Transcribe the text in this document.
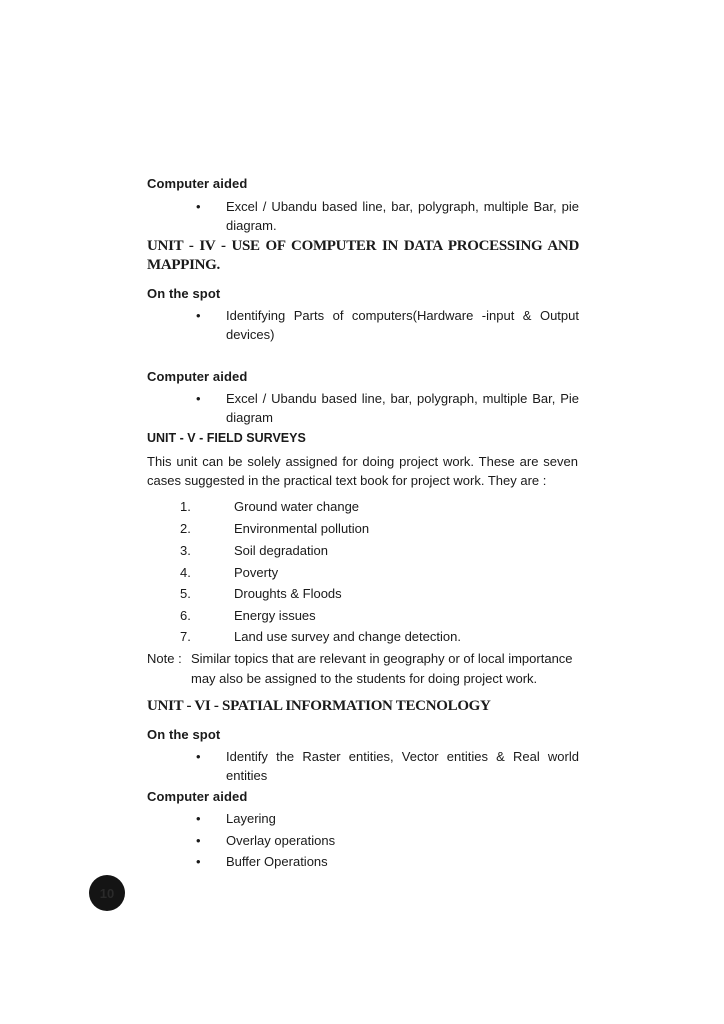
Computer aided
• Excel / Ubandu based line, bar, polygraph, multiple Bar, pie diagram.
UNIT - IV - USE OF COMPUTER IN DATA PROCESSING AND MAPPING.
On the spot
• Identifying Parts of computers(Hardware -input & Output devices)
Computer aided
• Excel / Ubandu based line, bar, polygraph, multiple Bar, Pie diagram
UNIT - V - FIELD SURVEYS
This unit can be solely assigned for doing project work. These are seven cases suggested in the practical text book for project work. They are :
1.	Ground water change
2.	Environmental pollution
3.	Soil degradation
4.	Poverty
5.	Droughts & Floods
6.	Energy issues
7.	Land use survey and change detection.
Note : Similar topics that are relevant in geography or of local importance
may also be assigned to the students for doing project work.
UNIT - VI - SPATIAL INFORMATION TECNOLOGY
On the spot
• Identify the Raster entities, Vector entities & Real world entities
Computer aided
• Layering
• Overlay operations
• Buffer Operations
10
